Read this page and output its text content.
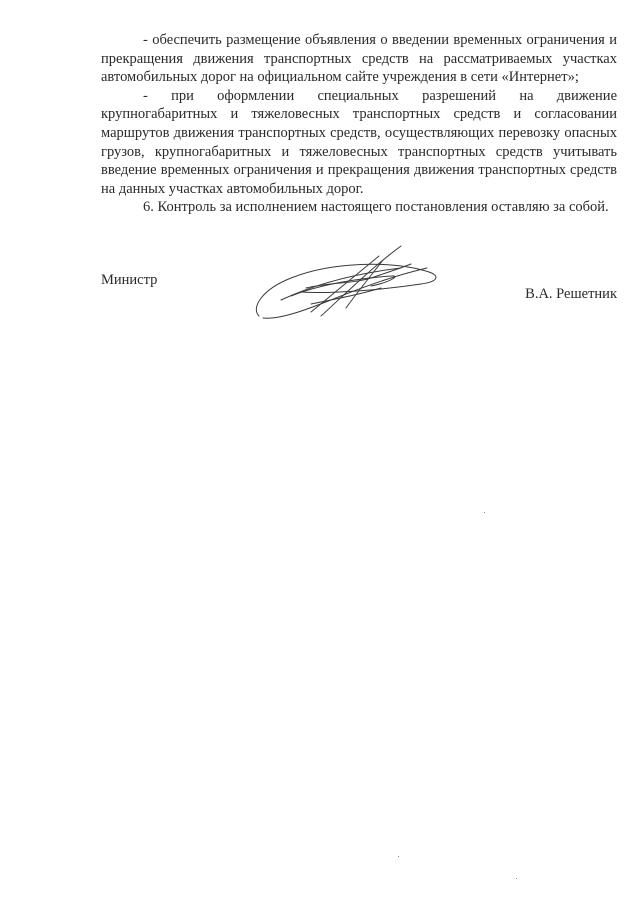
- обеспечить размещение объявления о введении временных ограничения и прекращения движения транспортных средств на рассматриваемых участках автомобильных дорог на официальном сайте учреждения в сети «Интернет»;

- при оформлении специальных разрешений на движение крупногабаритных и тяжеловесных транспортных средств и согласовании маршрутов движения транспортных средств, осуществляющих перевозку опасных грузов, крупногабаритных и тяжеловесных транспортных средств учитывать введение временных ограничения и прекращения движения транспортных средств на данных участках автомобильных дорог.

6. Контроль за исполнением настоящего постановления оставляю за собой.

Министр
В.А. Решетник
